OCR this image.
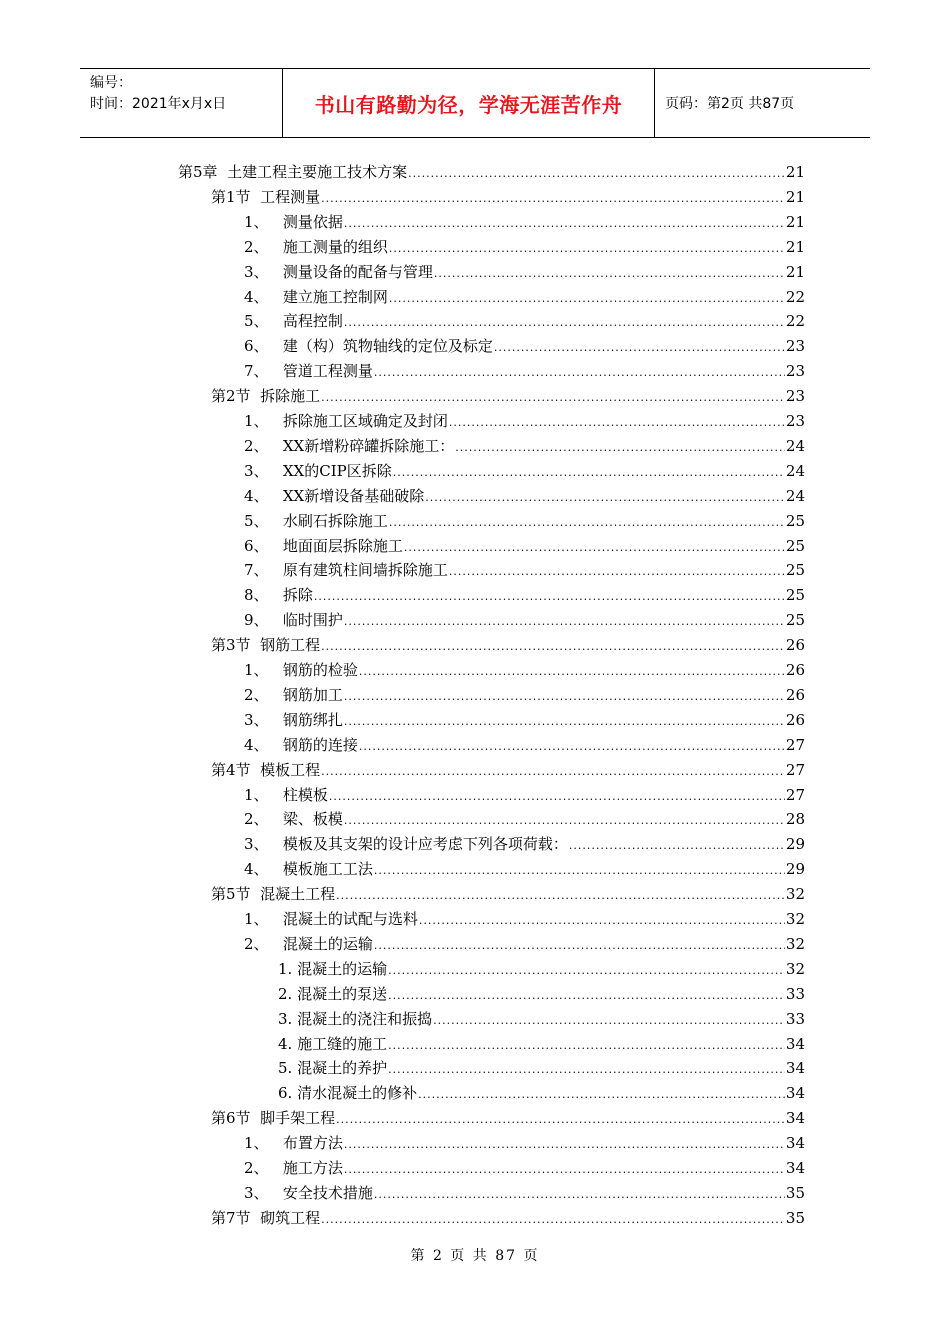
编号：
时间：2021年x月x日	书山有路勤为径，学海无涯苦作舟	页码：第2页 共87页
第5章 土建工程主要施工技术方案 .....	21
第1节 工程测量 .....	21
1、 测量依据 .....	21
2、 施工测量的组织 .....	21
3、 测量设备的配备与管理 .....	21
4、 建立施工控制网 .....	22
5、 高程控制 .....	22
6、 建（构）筑物轴线的定位及标定 .....	23
7、 管道工程测量 .....	23
第2节 拆除施工 .....	23
1、 拆除施工区域确定及封闭 .....	23
2、 XX新增粉碎罐拆除施工： .....	24
3、 XX的CIP区拆除 .....	24
4、 XX新增设备基础破除 .....	24
5、 水刷石拆除施工 .....	25
6、 地面面层拆除施工 .....	25
7、 原有建筑柱间墙拆除施工 .....	25
8、 拆除 .....	25
9、 临时围护 .....	25
第3节 钢筋工程 .....	26
1、 钢筋的检验 .....	26
2、 钢筋加工 .....	26
3、 钢筋绑扎 .....	26
4、 钢筋的连接 .....	27
第4节 模板工程 .....	27
1、 柱模板 .....	27
2、 梁、板模 .....	28
3、 模板及其支架的设计应考虑下列各项荷载： .....	29
4、 模板施工工法 .....	29
第5节 混凝土工程 .....	32
1、 混凝土的试配与选料 .....	32
2、 混凝土的运输 .....	32
1. 混凝土的运输 .....	32
2. 混凝土的泵送 .....	33
3. 混凝土的浇注和振捣 .....	33
4. 施工缝的施工 .....	34
5. 混凝土的养护 .....	34
6. 清水混凝土的修补 .....	34
第6节 脚手架工程 .....	34
1、 布置方法 .....	34
2、 施工方法 .....	34
3、 安全技术措施 .....	35
第7节 砌筑工程 .....	35
第 2 页 共 87 页
